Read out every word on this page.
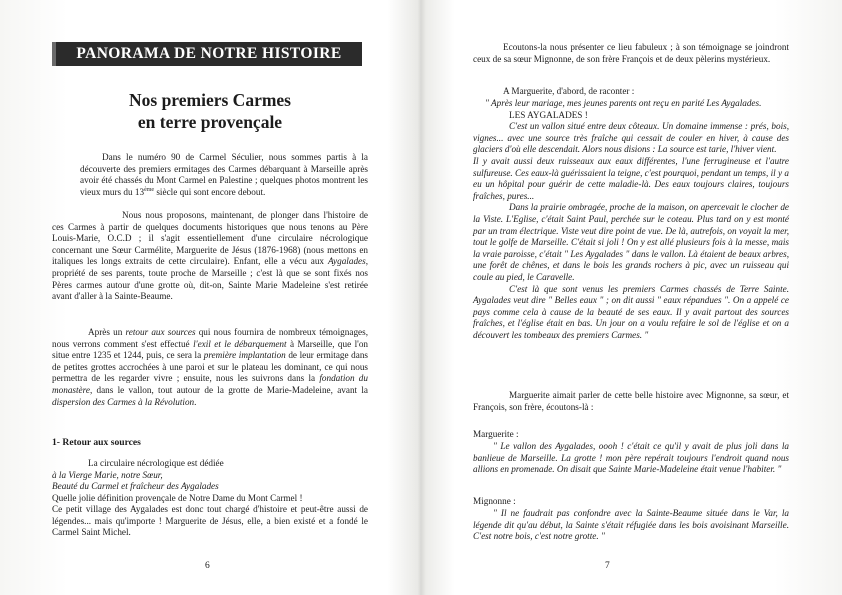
PANORAMA DE NOTRE HISTOIRE
Nos premiers Carmes
en terre provençale

Dans le numéro 90 de Carmel Séculier, nous sommes partis à la découverte des premiers ermitages des Carmes débarquant à Marseille après avoir été chassés du Mont Carmel en Palestine ; quelques photos montrent les vieux murs du 13ème siècle qui sont encore debout.

Nous nous proposons, maintenant, de plonger dans l'histoire de ces Carmes à partir de quelques documents historiques que nous tenons au Père Louis-Marie, O.C.D ; il s'agit essentiellement d'une circulaire nécrologique concernant une Sœur Carmélite, Marguerite de Jésus (1876-1968) (nous mettons en italiques les longs extraits de cette circulaire). Enfant, elle a vécu aux Aygalades, propriété de ses parents, toute proche de Marseille ; c'est là que se sont fixés nos Pères carmes autour d'une grotte où, dit-on, Sainte Marie Madeleine s'est retirée avant d'aller à la Sainte-Beaume.

Après un retour aux sources qui nous fournira de nombreux témoignages, nous verrons comment s'est effectué l'exil et le débarquement à Marseille, que l'on situe entre 1235 et 1244, puis, ce sera la première implantation de leur ermitage dans de petites grottes accrochées à une paroi et sur le plateau les dominant, ce qui nous permettra de les regarder vivre ; ensuite, nous les suivrons dans la fondation du monastère, dans le vallon, tout autour de la grotte de Marie-Madeleine, avant la dispersion des Carmes à la Révolution.

1- Retour aux sources
La circulaire nécrologique est dédiée
à la Vierge Marie, notre Sœur,
Beauté du Carmel et fraîcheur des Aygalades
Quelle jolie définition provençale de Notre Dame du Mont Carmel !

Ce petit village des Aygalades est donc tout chargé d'histoire et peut-être aussi de légendes... mais qu'importe ! Marguerite de Jésus, elle, a bien existé et a fondé le Carmel Saint Michel.

6

Ecoutons-la nous présenter ce lieu fabuleux ; à son témoignage se joindront ceux de sa sœur Mignonne, de son frère François et de deux pèlerins mystérieux.

A Marguerite, d'abord, de raconter :

" Après leur mariage, mes jeunes parents ont reçu en parité Les Aygalades.
LES AYGALADES !
C'est un vallon situé entre deux côteaux. Un domaine immense : prés, bois, vignes... avec une source très fraîche qui cessait de couler en hiver, à cause des glaciers d'où elle descendait. Alors nous disions : La source est tarie, l'hiver vient.
Il y avait aussi deux ruisseaux aux eaux différentes, l'une ferrugineuse et l'autre sulfureuse. Ces eaux-là guérissaient la teigne, c'est pourquoi, pendant un temps, il y a eu un hôpital pour guérir de cette maladie-là. Des eaux toujours claires, toujours fraîches, pures...
Dans la prairie ombragée, proche de la maison, on apercevait le clocher de la Viste. L'Eglise, c'était Saint Paul, perchée sur le coteau. Plus tard on y est monté par un tram électrique. Viste veut dire point de vue. De là, autrefois, on voyait la mer, tout le golfe de Marseille. C'était si joli ! On y est allé plusieurs fois à la messe, mais la vraie paroisse, c'était " Les Aygalades " dans le vallon. Là étaient de beaux arbres, une forêt de chênes, et dans le bois les grands rochers à pic, avec un ruisseau qui coule au pied, le Caravelle.
C'est là que sont venus les premiers Carmes chassés de Terre Sainte. Aygalades veut dire " Belles eaux " ; on dit aussi " eaux répandues ". On a appelé ce pays comme cela à cause de la beauté de ses eaux. Il y avait partout des sources fraîches, et l'église était en bas. Un jour on a voulu refaire le sol de l'église et on a découvert les tombeaux des premiers Carmes. "

Marguerite aimait parler de cette belle histoire avec Mignonne, sa sœur, et François, son frère, écoutons-là :

Marguerite :

" Le vallon des Aygalades, oooh ! c'était ce qu'il y avait de plus joli dans la banlieue de Marseille. La grotte ! mon père repérait toujours l'endroit quand nous allions en promenade. On disait que Sainte Marie-Madeleine était venue l'habiter. "

Mignonne :

" Il ne faudrait pas confondre avec la Sainte-Beaume située dans le Var, la légende dit qu'au début, la Sainte s'était réfugiée dans les bois avoisinant Marseille. C'est notre bois, c'est notre grotte. "

7
